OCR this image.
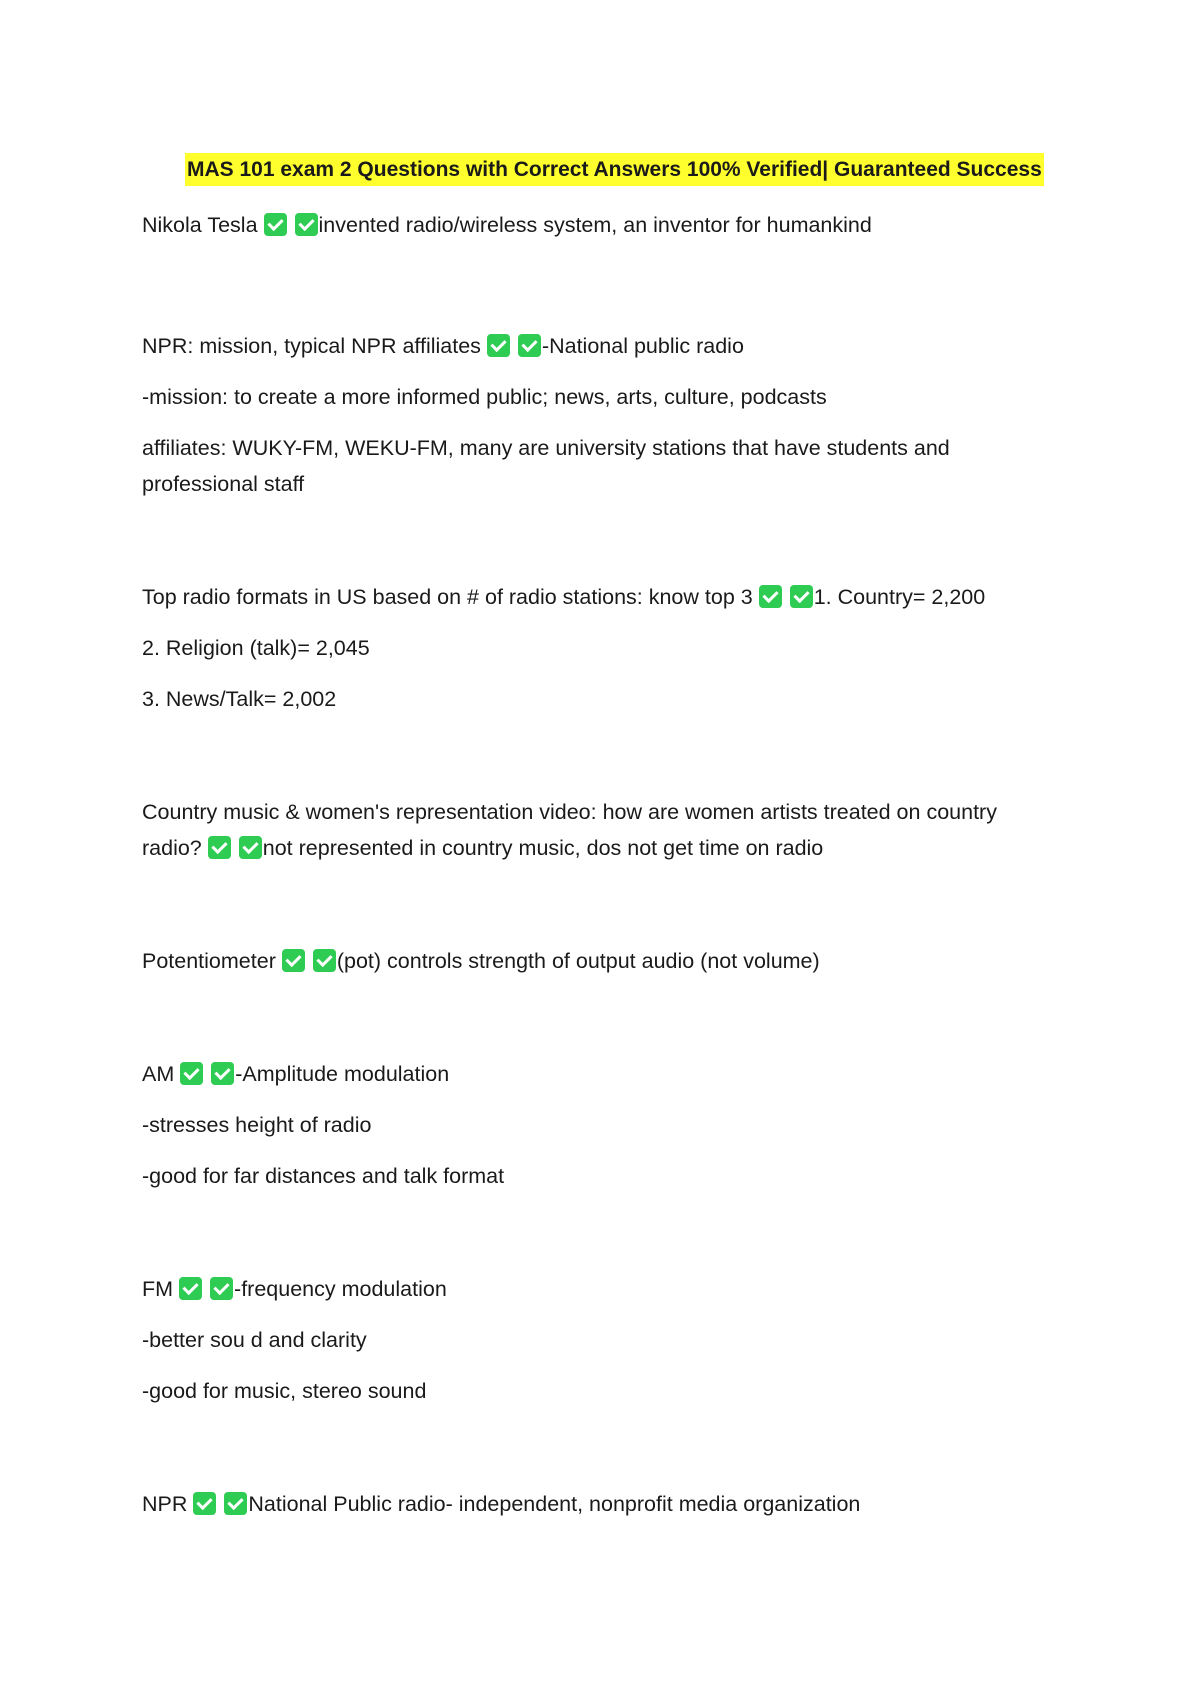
MAS 101 exam 2 Questions with Correct Answers 100% Verified| Guaranteed Success
Nikola Tesla	invented radio/wireless system, an inventor for humankind
NPR: mission, typical NPR affiliates	-National public radio
-mission: to create a more informed public; news, arts, culture, podcasts
affiliates: WUKY-FM, WEKU-FM, many are university stations that have students and professional staff
Top radio formats in US based on # of radio stations: know top 3	1. Country= 2,200
2. Religion (talk)= 2,045
3. News/Talk= 2,002
Country music & women's representation video: how are women artists treated on country radio?	not represented in country music, dos not get time on radio
Potentiometer	(pot) controls strength of output audio (not volume)
AM	-Amplitude modulation
-stresses height of radio
-good for far distances and talk format
FM	-frequency modulation
-better sou d and clarity
-good for music, stereo sound
NPR	National Public radio- independent, nonprofit media organization
